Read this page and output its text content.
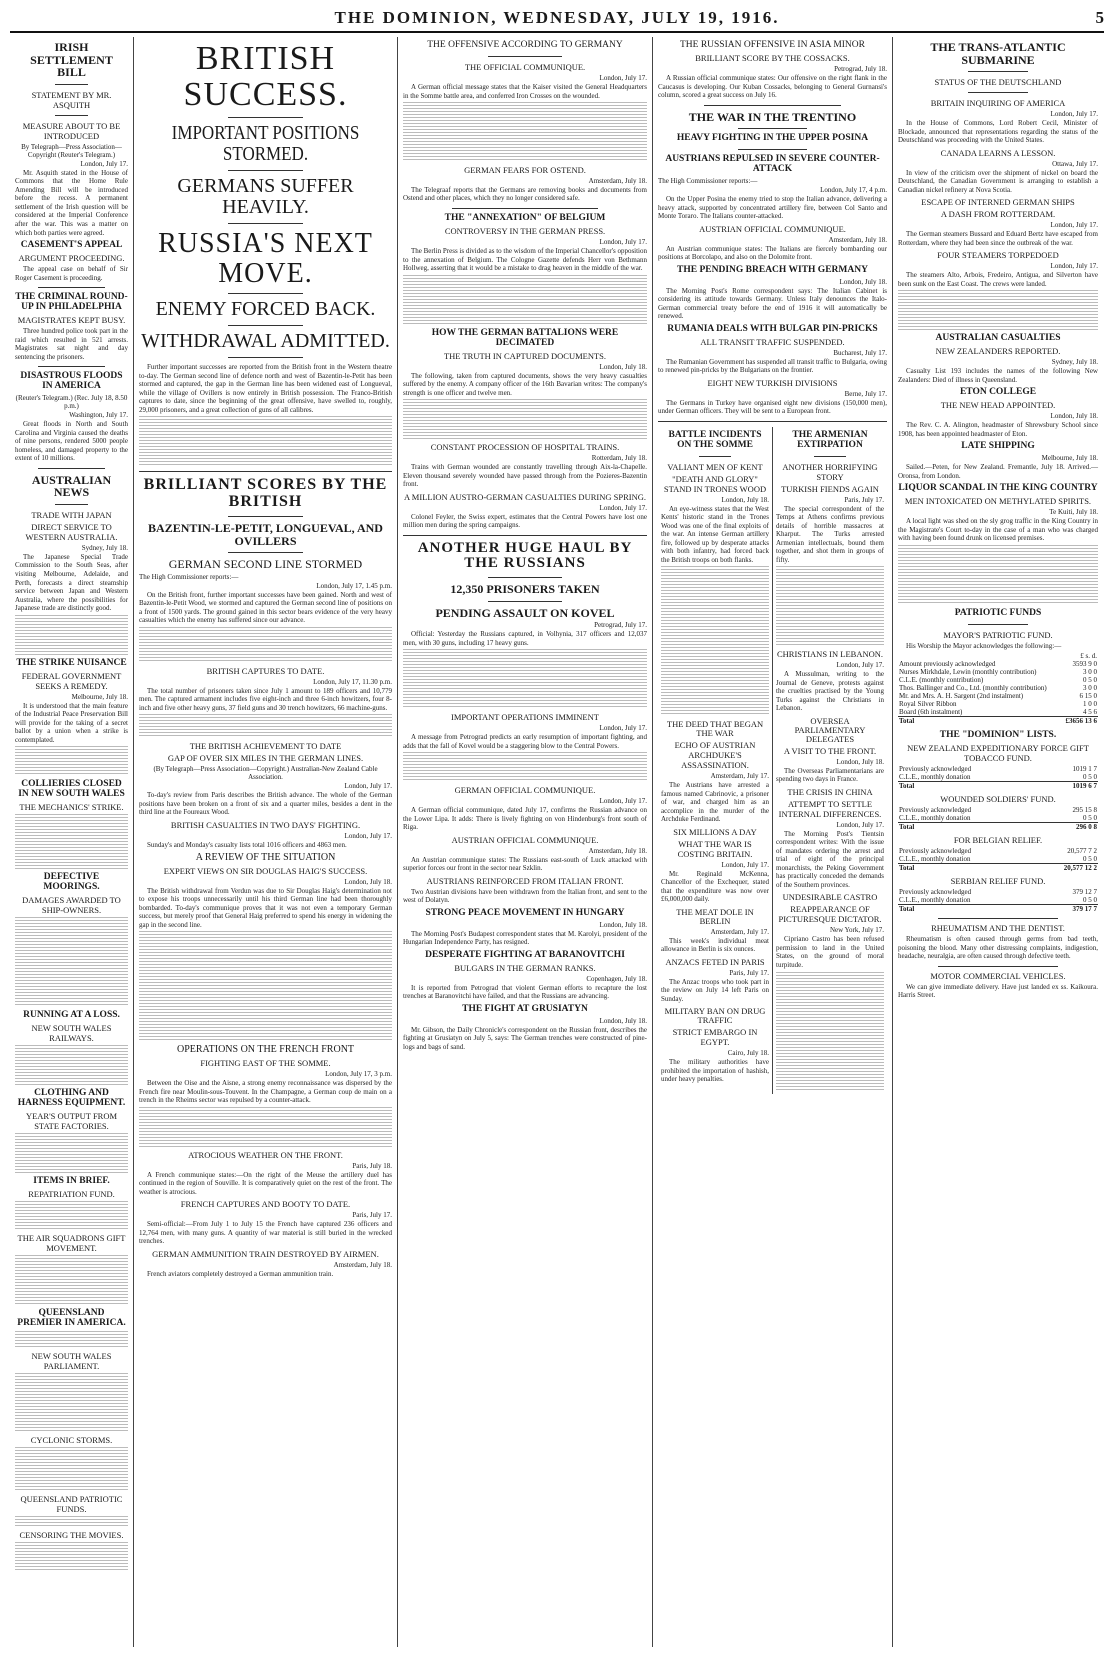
THE DOMINION, WEDNESDAY, JULY 19, 1916.	5
IRISH SETTLEMENT BILL
STATEMENT BY MR. ASQUITH
MEASURE ABOUT TO BE INTRODUCED
By Telegraph—Press Association—Copyright (Reuter's Telegram.)
London, July 17.

Mr. Asquith stated in the House of Commons that the Home Rule Amending Bill will be introduced before the recess. A permanent settlement of the Irish question will be considered at the Imperial Conference after the war. This was a matter on which both parties were agreed.

CASEMENT'S APPEAL
ARGUMENT PROCEEDING.

The appeal case on behalf of Sir Roger Casement is proceeding.

THE CRIMINAL ROUND-UP IN PHILADELPHIA
MAGISTRATES KEPT BUSY.

Three hundred police took part in the raid which resulted in 521 arrests. Magistrates sat night and day sentencing the prisoners.

DISASTROUS FLOODS IN AMERICA
(Reuter's Telegram.) (Rec. July 18, 8.50 p.m.)
Washington, July 17.

Great floods in North and South Carolina and Virginia caused the deaths of nine persons, rendered 5000 people homeless, and damaged property to the extent of 10 millions.

AUSTRALIAN NEWS
TRADE WITH JAPAN
DIRECT SERVICE TO WESTERN AUSTRALIA.
Sydney, July 18.

The Japanese Special Trade Commission to the South Seas, after visiting Melbourne, Adelaide, and Perth, forecasts a direct steamship service between Japan and Western Australia, where the possibilities for Japanese trade are distinctly good.

THE STRIKE NUISANCE
FEDERAL GOVERNMENT SEEKS A REMEDY.
Melbourne, July 18.

It is understood that the main feature of the Industrial Peace Preservation Bill will provide for the taking of a secret ballot by a union when a strike is contemplated.

COLLIERIES CLOSED IN NEW SOUTH WALES
THE MECHANICS' STRIKE.
DEFECTIVE MOORINGS.
DAMAGES AWARDED TO SHIP-OWNERS.
RUNNING AT A LOSS.
NEW SOUTH WALES RAILWAYS.
CLOTHING AND HARNESS EQUIPMENT.
YEAR'S OUTPUT FROM STATE FACTORIES.
ITEMS IN BRIEF.
REPATRIATION FUND.
THE AIR SQUADRONS GIFT MOVEMENT.
QUEENSLAND PREMIER IN AMERICA.
NEW SOUTH WALES PARLIAMENT.
CYCLONIC STORMS.
QUEENSLAND PATRIOTIC FUNDS.
CENSORING THE MOVIES.
BRITISH SUCCESS.
IMPORTANT POSITIONS STORMED.
GERMANS SUFFER HEAVILY.
RUSSIA'S NEXT MOVE.
ENEMY FORCED BACK.
WITHDRAWAL ADMITTED.

Further important successes are reported from the British front in the Western theatre to-day. The German second line of defence north and west of Bazentin-le-Petit has been stormed and captured, the gap in the German line has been widened east of Longueval, while the village of Ovillers is now entirely in British possession. The Franco-British captures to date, since the beginning of the great offensive, have swelled to, roughly, 29,000 prisoners, and a great collection of guns of all calibres.

BRILLIANT SCORES BY THE BRITISH
BAZENTIN-LE-PETIT, LONGUEVAL, AND OVILLERS
GERMAN SECOND LINE STORMED
The High Commissioner reports:—
London, July 17, 1.45 p.m.

On the British front, further important successes have been gained. North and west of Bazentin-le-Petit Wood, we stormed and captured the German second line of positions on a front of 1500 yards. The ground gained in this sector bears evidence of the very heavy casualties which the enemy has suffered since our advance.

BRITISH CAPTURES TO DATE.
London, July 17, 11.30 p.m.

The total number of prisoners taken since July 1 amount to 189 officers and 10,779 men. The captured armament includes five eight-inch and three 6-inch howitzers, four 8-inch and five other heavy guns, 37 field guns and 30 trench howitzers, 66 machine-guns.

THE BRITISH ACHIEVEMENT TO DATE
GAP OF OVER SIX MILES IN THE GERMAN LINES.
(By Telegraph—Press Association—Copyright.) Australian-New Zealand Cable Association.
London, July 17.

To-day's review from Paris describes the British advance. The whole of the German positions have been broken on a front of six and a quarter miles, besides a dent in the third line at the Foureaux Wood.

BRITISH CASUALTIES IN TWO DAYS' FIGHTING.
London, July 17.

Sunday's and Monday's casualty lists total 1016 officers and 4863 men.

A REVIEW OF THE SITUATION
EXPERT VIEWS ON SIR DOUGLAS HAIG'S SUCCESS.
London, July 18.

The British withdrawal from Verdun was due to Sir Douglas Haig's determination not to expose his troops unnecessarily until his third German line had been thoroughly bombarded. To-day's communique proves that it was not even a temporary German success, but merely proof that General Haig preferred to spend his energy in widening the gap in the second line.

OPERATIONS ON THE FRENCH FRONT
FIGHTING EAST OF THE SOMME.
London, July 17, 3 p.m.

Between the Oise and the Aisne, a strong enemy reconnaissance was dispersed by the French fire near Moulin-sous-Touvent. In the Champagne, a German coup de main on a trench in the Rheims sector was repulsed by a counter-attack.

ATROCIOUS WEATHER ON THE FRONT.
Paris, July 18.

A French communique states:—On the right of the Meuse the artillery duel has continued in the region of Souville. It is comparatively quiet on the rest of the front. The weather is atrocious.

FRENCH CAPTURES AND BOOTY TO DATE.
Paris, July 17.

Semi-official:—From July 1 to July 15 the French have captured 236 officers and 12,764 men, with many guns. A quantity of war material is still buried in the wrecked trenches.

GERMAN AMMUNITION TRAIN DESTROYED BY AIRMEN.
Amsterdam, July 18.

French aviators completely destroyed a German ammunition train.

THE OFFENSIVE ACCORDING TO GERMANY
THE OFFICIAL COMMUNIQUE.
London, July 17.

A German official message states that the Kaiser visited the General Headquarters in the Somme battle area, and conferred Iron Crosses on the wounded.

GERMAN FEARS FOR OSTEND.
Amsterdam, July 18.

The Telegraaf reports that the Germans are removing books and documents from Ostend and other places, which they no longer considered safe.

THE "ANNEXATION" OF BELGIUM
CONTROVERSY IN THE GERMAN PRESS.
London, July 17.

The Berlin Press is divided as to the wisdom of the Imperial Chancellor's opposition to the annexation of Belgium. The Cologne Gazette defends Herr von Bethmann Hollweg, asserting that it would be a mistake to drag heaven in the middle of the war.

HOW THE GERMAN BATTALIONS WERE DECIMATED
THE TRUTH IN CAPTURED DOCUMENTS.
London, July 18.

The following, taken from captured documents, shows the very heavy casualties suffered by the enemy. A company officer of the 16th Bavarian writes: The company's strength is one officer and twelve men.

CONSTANT PROCESSION OF HOSPITAL TRAINS.
Rotterdam, July 18.

Trains with German wounded are constantly travelling through Aix-la-Chapelle. Eleven thousand severely wounded have passed through from the Pozieres-Bazentin front.

A MILLION AUSTRO-GERMAN CASUALTIES DURING SPRING.
London, July 17.

Colonel Feyler, the Swiss expert, estimates that the Central Powers have lost one million men during the spring campaigns.

ANOTHER HUGE HAUL BY THE RUSSIANS
12,350 PRISONERS TAKEN
PENDING ASSAULT ON KOVEL
Petrograd, July 17.

Official: Yesterday the Russians captured, in Volhynia, 317 officers and 12,037 men, with 30 guns, including 17 heavy guns.

IMPORTANT OPERATIONS IMMINENT
London, July 17.

A message from Petrograd predicts an early resumption of important fighting, and adds that the fall of Kovel would be a staggering blow to the Central Powers.

GERMAN OFFICIAL COMMUNIQUE.
London, July 17.

A German official communique, dated July 17, confirms the Russian advance on the Lower Lipa. It adds: There is lively fighting on von Hindenburg's front south of Riga.

AUSTRIAN OFFICIAL COMMUNIQUE.
Amsterdam, July 18.

An Austrian communique states: The Russians east-south of Luck attacked with superior forces our front in the sector near Szklin.

AUSTRIANS REINFORCED FROM ITALIAN FRONT.

Two Austrian divisions have been withdrawn from the Italian front, and sent to the west of Dolatyn.

STRONG PEACE MOVEMENT IN HUNGARY
London, July 18.

The Morning Post's Budapest correspondent states that M. Karolyi, president of the Hungarian Independence Party, has resigned.

DESPERATE FIGHTING AT BARANOVITCHI
BULGARS IN THE GERMAN RANKS.
Copenhagen, July 18.

It is reported from Petrograd that violent German efforts to recapture the lost trenches at Baranovitchi have failed, and that the Russians are advancing.

THE FIGHT AT GRUSIATYN
London, July 18.

Mr. Gibson, the Daily Chronicle's correspondent on the Russian front, describes the fighting at Grusiatyn on July 5, says: The German trenches were constructed of pine-logs and bags of sand.

THE RUSSIAN OFFENSIVE IN ASIA MINOR
BRILLIANT SCORE BY THE COSSACKS.
Petrograd, July 18.

A Russian official communique states: Our offensive on the right flank in the Caucasus is developing. Our Kuban Cossacks, belonging to General Gurnansi's column, scored a great success on July 16.

THE WAR IN THE TRENTINO
HEAVY FIGHTING IN THE UPPER POSINA
AUSTRIANS REPULSED IN SEVERE COUNTER-ATTACK
The High Commissioner reports:—
London, July 17, 4 p.m.

On the Upper Posina the enemy tried to stop the Italian advance, delivering a heavy attack, supported by concentrated artillery fire, between Col Santo and Monte Toraro. The Italians counter-attacked.

AUSTRIAN OFFICIAL COMMUNIQUE.
Amsterdam, July 18.

An Austrian communique states: The Italians are fiercely bombarding our positions at Borcolapo, and also on the Dolomite front.

THE PENDING BREACH WITH GERMANY
London, July 18.

The Morning Post's Rome correspondent says: The Italian Cabinet is considering its attitude towards Germany. Unless Italy denounces the Italo-German commercial treaty before the end of 1916 it will automatically be renewed.

RUMANIA DEALS WITH BULGAR PIN-PRICKS
ALL TRANSIT TRAFFIC SUSPENDED.
Bucharest, July 17.

The Rumanian Government has suspended all transit traffic to Bulgaria, owing to renewed pin-pricks by the Bulgarians on the frontier.

EIGHT NEW TURKISH DIVISIONS
Berne, July 17.

The Germans in Turkey have organised eight new divisions (150,000 men), under German officers. They will be sent to a European front.

BATTLE INCIDENTS ON THE SOMME
VALIANT MEN OF KENT
"DEATH AND GLORY" STAND IN TRONES WOOD
London, July 18.

An eye-witness states that the West Kents' historic stand in the Trones Wood was one of the final exploits of the war. An intense German artillery fire, followed up by desperate attacks with both infantry, had forced back the British troops on both flanks.

THE DEED THAT BEGAN THE WAR
ECHO OF AUSTRIAN ARCHDUKE'S ASSASSINATION.
Amsterdam, July 17.

The Austrians have arrested a famous named Cabrinovic, a prisoner of war, and charged him as an accomplice in the murder of the Archduke Ferdinand.

SIX MILLIONS A DAY
WHAT THE WAR IS COSTING BRITAIN.
London, July 17.

Mr. Reginald McKenna, Chancellor of the Exchequer, stated that the expenditure was now over £6,000,000 daily.

THE MEAT DOLE IN BERLIN
Amsterdam, July 17.

This week's individual meat allowance in Berlin is six ounces.

ANZACS FETED IN PARIS
Paris, July 17.

The Anzac troops who took part in the review on July 14 left Paris on Sunday.

MILITARY BAN ON DRUG TRAFFIC
STRICT EMBARGO IN EGYPT.
Cairo, July 18.

The military authorities have prohibited the importation of hashish, under heavy penalties.

THE ARMENIAN EXTIRPATION
ANOTHER HORRIFYING STORY
TURKISH FIENDS AGAIN
Paris, July 17.

The special correspondent of the Temps at Athens confirms previous details of horrible massacres at Kharput. The Turks arrested Armenian intellectuals, bound them together, and shot them in groups of fifty.

CHRISTIANS IN LEBANON.
London, July 17.

A Mussulman, writing to the Journal de Geneve, protests against the cruelties practised by the Young Turks against the Christians in Lebanon.

OVERSEA PARLIAMENTARY DELEGATES
A VISIT TO THE FRONT.
London, July 18.

The Overseas Parliamentarians are spending two days in France.

THE CRISIS IN CHINA
ATTEMPT TO SETTLE INTERNAL DIFFERENCES.
London, July 17.

The Morning Post's Tientsin correspondent writes: With the issue of mandates ordering the arrest and trial of eight of the principal monarchists, the Peking Government has practically conceded the demands of the Southern provinces.

UNDESIRABLE CASTRO
REAPPEARANCE OF PICTURESQUE DICTATOR.
New York, July 17.

Cipriano Castro has been refused permission to land in the United States, on the ground of moral turpitude.

THE TRANS-ATLANTIC SUBMARINE
STATUS OF THE DEUTSCHLAND
BRITAIN INQUIRING OF AMERICA
London, July 17.

In the House of Commons, Lord Robert Cecil, Minister of Blockade, announced that representations regarding the status of the Deutschland was proceeding with the United States.

CANADA LEARNS A LESSON.
Ottawa, July 17.

In view of the criticism over the shipment of nickel on board the Deutschland, the Canadian Government is arranging to establish a Canadian nickel refinery at Nova Scotia.

ESCAPE OF INTERNED GERMAN SHIPS
A DASH FROM ROTTERDAM.
London, July 17.

The German steamers Bussard and Eduard Bertz have escaped from Rotterdam, where they had been since the outbreak of the war.

FOUR STEAMERS TORPEDOED
London, July 17.

The steamers Alto, Arbois, Fredeiro, Antigua, and Silverton have been sunk on the East Coast. The crews were landed.

AUSTRALIAN CASUALTIES
NEW ZEALANDERS REPORTED.
Sydney, July 18.

Casualty List 193 includes the names of the following New Zealanders: Died of illness in Queensland.

ETON COLLEGE
THE NEW HEAD APPOINTED.
London, July 18.

The Rev. C. A. Alington, headmaster of Shrewsbury School since 1908, has been appointed headmaster of Eton.

LATE SHIPPING
Melbourne, July 18.

Sailed.—Peten, for New Zealand. Fremantle, July 18. Arrived.—Oronsa, from London.

LIQUOR SCANDAL IN THE KING COUNTRY
MEN INTOXICATED ON METHYLATED SPIRITS.
Te Kuiti, July 18.

A local light was shed on the sly grog traffic in the King Country in the Magistrate's Court to-day in the case of a man who was charged with having been found drunk on licensed premises.

PATRIOTIC FUNDS
MAYOR'S PATRIOTIC FUND.

His Worship the Mayor acknowledges the following:—

	£ s. d.
Amount previously acknowledged	3593 9 0
Nurses Mirkhdale, Lewin (monthly contribution)	3 0 0
C.L.E. (monthly contribution)	0 5 0
Thos. Ballinger and Co., Ltd. (monthly contribution)	3 0 0
Mr. and Mrs. A. H. Sargent (2nd instalment)	6 15 0
Royal Silver Ribbon	1 0 0
Board (6th instalment)	4 5 6
Total	£3656 13 6
THE "DOMINION" LISTS.
NEW ZEALAND EXPEDITIONARY FORCE GIFT TOBACCO FUND.
Previously acknowledged	1019 1 7
C.L.E., monthly donation	0 5 0
Total	1019 6 7
WOUNDED SOLDIERS' FUND.
Previously acknowledged	295 15 8
C.L.E., monthly donation	0 5 0
Total	296 0 8
FOR BELGIAN RELIEF.
Previously acknowledged	20,577 7 2
C.L.E., monthly donation	0 5 0
Total	20,577 12 2
SERBIAN RELIEF FUND.
Previously acknowledged	379 12 7
C.L.E., monthly donation	0 5 0
Total	379 17 7
RHEUMATISM AND THE DENTIST.

Rheumatism is often caused through germs from bad teeth, poisoning the blood. Many other distressing complaints, indigestion, headache, neuralgia, are often caused through defective teeth.

MOTOR COMMERCIAL VEHICLES.

We can give immediate delivery. Have just landed ex ss. Kaikoura. Harris Street.
